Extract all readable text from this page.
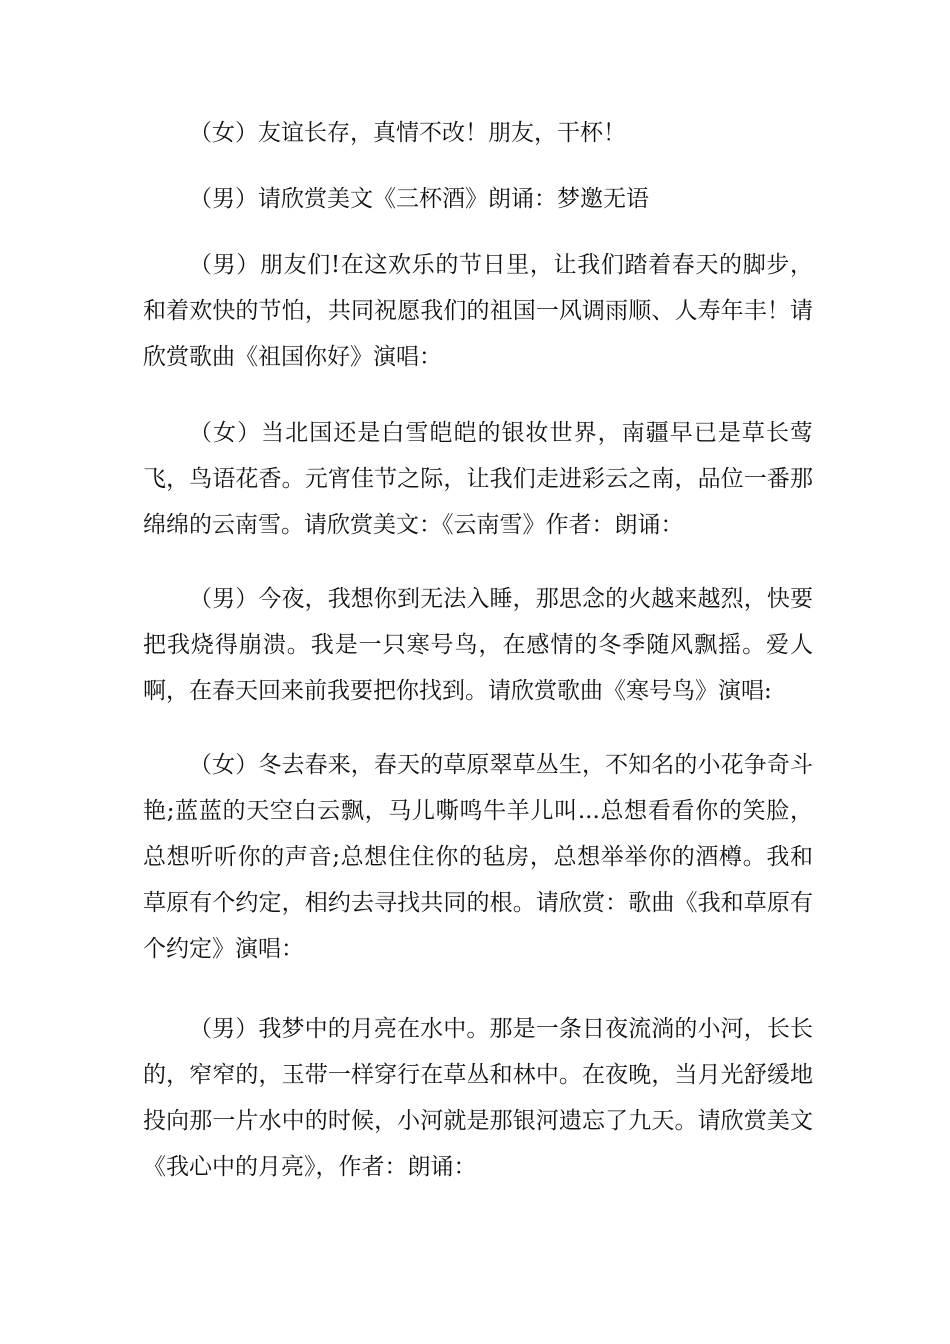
（女）友谊长存，真情不改！朋友，干杯！

（男）请欣赏美文《三杯酒》朗诵：梦邀无语

（男）朋友们!在这欢乐的节日里，让我们踏着春天的脚步，和着欢快的节怕，共同祝愿我们的祖国一风调雨顺、人寿年丰！请欣赏歌曲《祖国你好》演唱：

（女）当北国还是白雪皑皑的银妆世界，南疆早已是草长莺飞，鸟语花香。元宵佳节之际，让我们走进彩云之南，品位一番那绵绵的云南雪。请欣赏美文：《云南雪》作者：朗诵：

（男）今夜，我想你到无法入睡，那思念的火越来越烈，快要把我烧得崩溃。我是一只寒号鸟，在感情的冬季随风飘摇。爱人啊，在春天回来前我要把你找到。请欣赏歌曲《寒号鸟》演唱:

（女）冬去春来，春天的草原翠草丛生，不知名的小花争奇斗艳;蓝蓝的天空白云飘，马儿嘶鸣牛羊儿叫...总想看看你的笑脸，总想听听你的声音;总想住住你的毡房，总想举举你的酒樽。我和草原有个约定，相约去寻找共同的根。请欣赏：歌曲《我和草原有个约定》演唱：

（男）我梦中的月亮在水中。那是一条日夜流淌的小河，长长的，窄窄的，玉带一样穿行在草丛和林中。在夜晚，当月光舒缓地投向那一片水中的时候，小河就是那银河遗忘了九天。请欣赏美文《我心中的月亮》，作者：朗诵：
